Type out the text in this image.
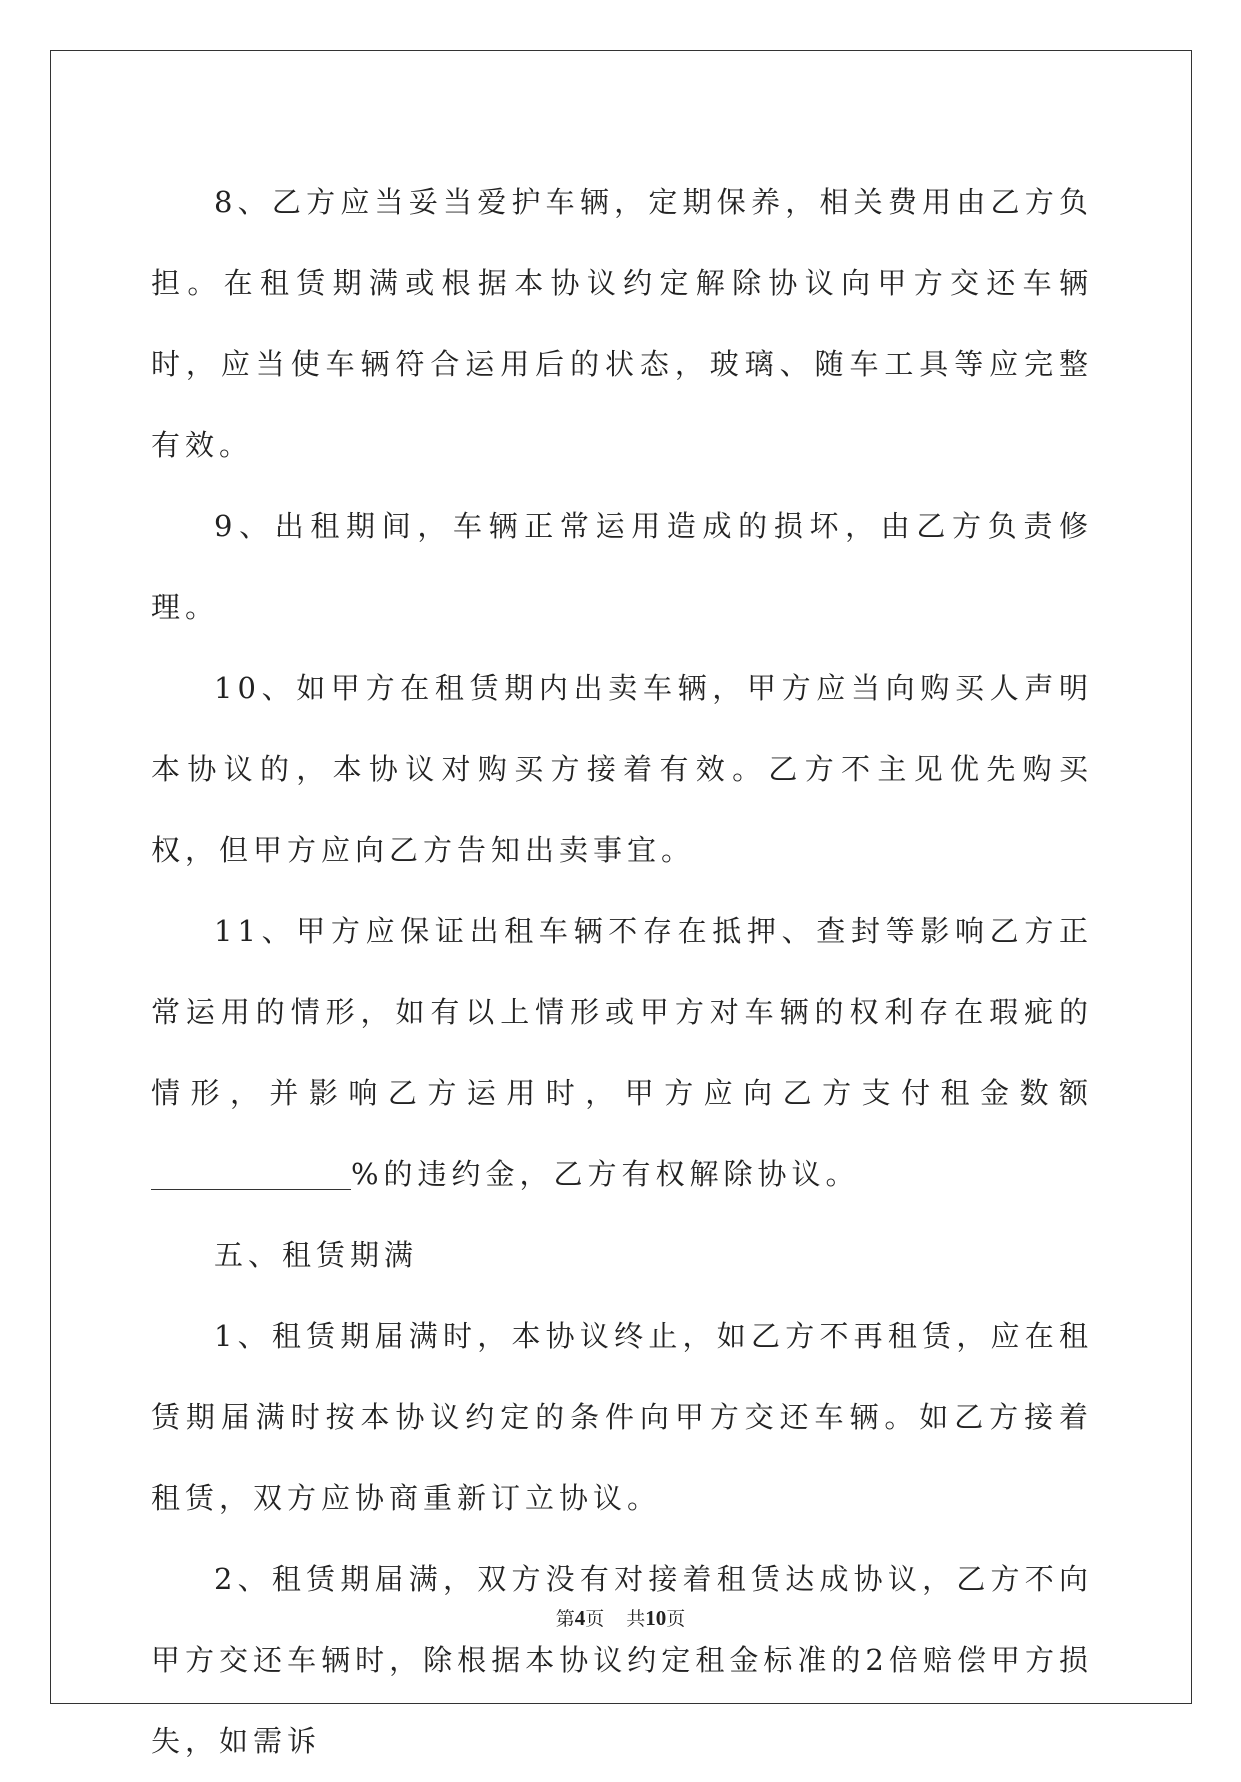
8、乙方应当妥当爱护车辆，定期保养，相关费用由乙方负担。在租赁期满或根据本协议约定解除协议向甲方交还车辆时，应当使车辆符合运用后的状态，玻璃、随车工具等应完整有效。

9、出租期间，车辆正常运用造成的损坏，由乙方负责修理。

10、如甲方在租赁期内出卖车辆，甲方应当向购买人声明本协议的，本协议对购买方接着有效。乙方不主见优先购买权，但甲方应向乙方告知出卖事宜。

11、甲方应保证出租车辆不存在抵押、查封等影响乙方正常运用的情形，如有以上情形或甲方对车辆的权利存在瑕疵的情形，并影响乙方运用时，甲方应向乙方支付租金数额%的违约金，乙方有权解除协议。

五、租赁期满

1、租赁期届满时，本协议终止，如乙方不再租赁，应在租赁期届满时按本协议约定的条件向甲方交还车辆。如乙方接着租赁，双方应协商重新订立协议。

2、租赁期届满，双方没有对接着租赁达成协议，乙方不向甲方交还车辆时，除根据本协议约定租金标准的2倍赔偿甲方损失，如需诉

第4页 共10页
